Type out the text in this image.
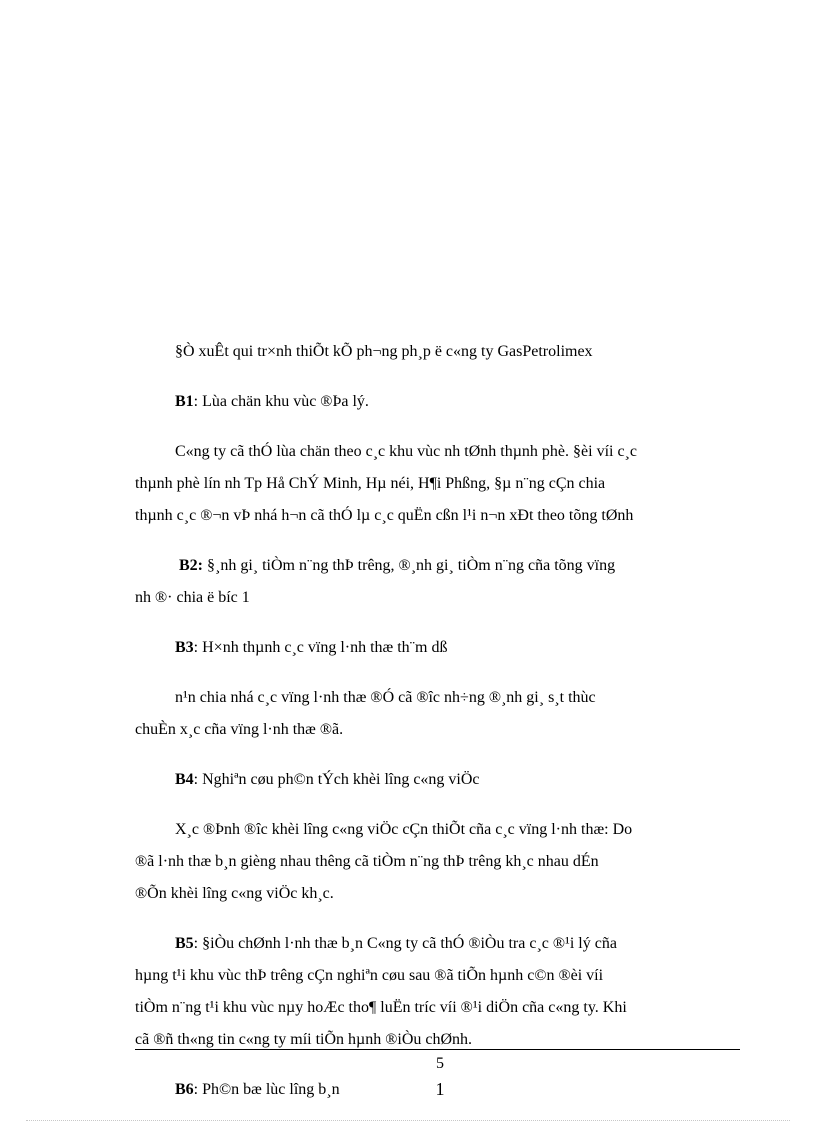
§Ò xuÊt qui tr×nh thiÕt kÕ ph¬ng ph¸p ë c«ng ty GasPetrolimex
B1: Lùa chän khu vùc ®Þa lý.
C«ng ty cã thÓ lùa chän theo c¸c khu vùc nh tØnh thµnh phè. §èi víi c¸c
thµnh phè lín nh Tp Hå ChÝ Minh, Hµ néi, H¶i Phßng, §µ n¨ng cÇn chia
thµnh c¸c ®¬n vÞ nhá h¬n cã thÓ lµ c¸c quËn cßn l¹i n¬n xÐt theo tõng tØnh
B2: §¸nh gi¸ tiÒm n¨ng thÞ trêng, ®¸nh gi¸ tiÒm n¨ng cña tõng vïng
nh ®· chia ë bíc 1
B3: H×nh thµnh c¸c vïng l·nh thæ th¨m dß
n¹n chia nhá c¸c vïng l·nh thæ ®Ó cã ®îc nh÷ng ®¸nh gi¸ s¸t thùc
chuÈn x¸c cña vïng l·nh thæ ®ã.
B4: Nghiªn cøu ph©n tÝch khèi lîng c«ng viÖc
X¸c ®Þnh ®îc khèi lîng c«ng viÖc cÇn thiÕt cña c¸c vïng l·nh thæ: Do
®ã l·nh thæ b¸n gièng nhau thêng cã tiÒm n¨ng thÞ trêng kh¸c nhau dÉn
®Õn khèi lîng c«ng viÖc kh¸c.
B5: §iÒu chØnh l·nh thæ b¸n C«ng ty cã thÓ ®iÒu tra c¸c ®¹i lý cña
hµng t¹i khu vùc thÞ trêng cÇn nghiªn cøu sau ®ã tiÕn hµnh c©n ®èi víi
tiÒm n¨ng t¹i khu vùc nµy hoÆc tho¶ luËn tríc víi ®¹i diÖn cña c«ng ty. Khi
cã ®ñ th«ng tin c«ng ty míi tiÕn hµnh ®iÒu chØnh.
B6: Ph©n bæ lùc lîng b¸n
5
1
